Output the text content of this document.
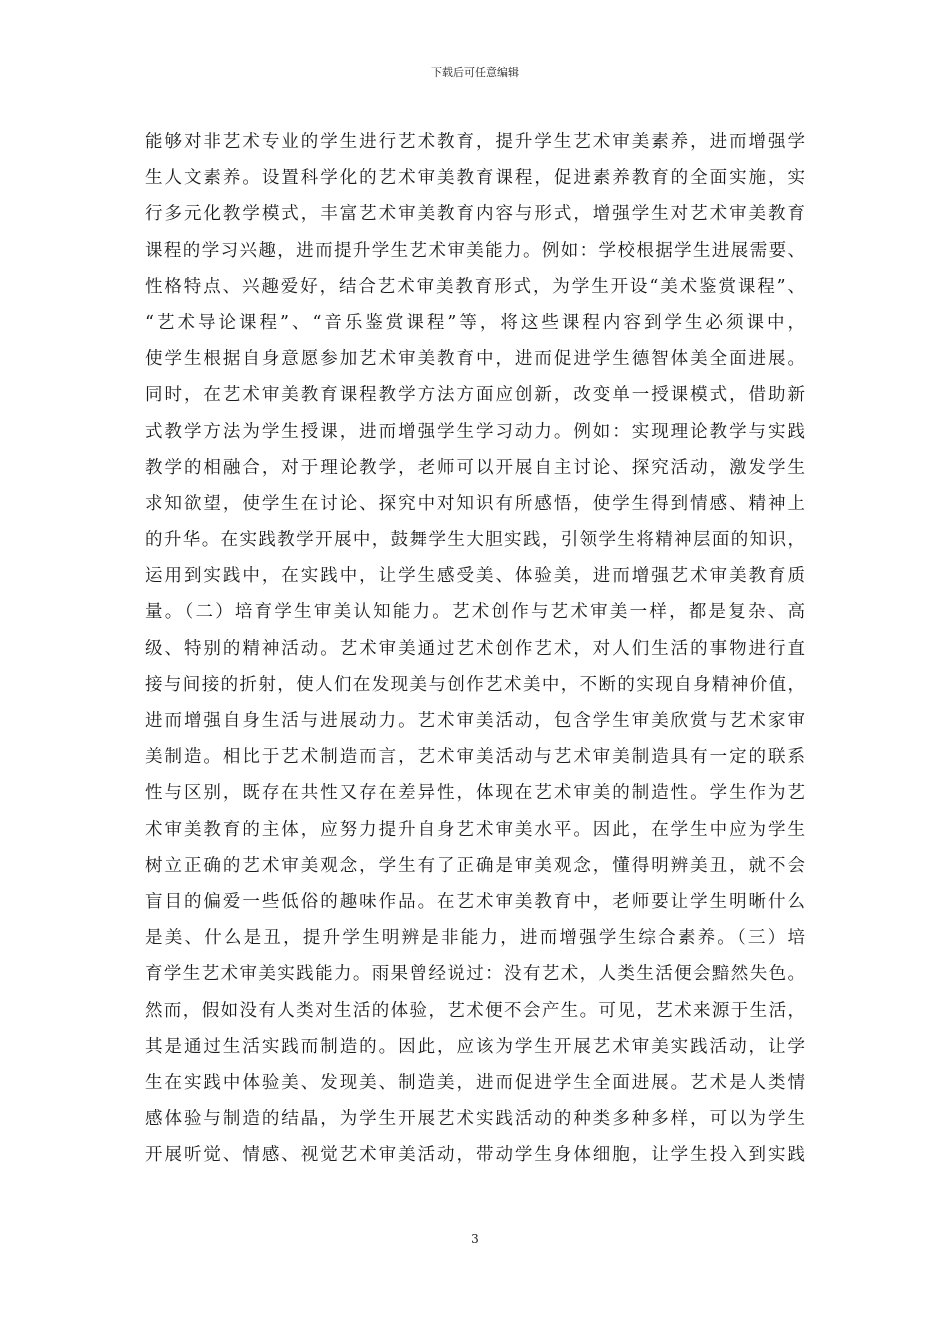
下载后可任意编辑
能够对非艺术专业的学生进行艺术教育，提升学生艺术审美素养，进而增强学
生人文素养。设置科学化的艺术审美教育课程，促进素养教育的全面实施，实
行多元化教学模式，丰富艺术审美教育内容与形式，增强学生对艺术审美教育
课程的学习兴趣，进而提升学生艺术审美能力。例如：学校根据学生进展需要、
性格特点、兴趣爱好，结合艺术审美教育形式，为学生开设“美术鉴赏课程”、
“艺术导论课程”、“音乐鉴赏课程”等，将这些课程内容到学生必须课中，
使学生根据自身意愿参加艺术审美教育中，进而促进学生德智体美全面进展。
同时，在艺术审美教育课程教学方法方面应创新，改变单一授课模式，借助新
式教学方法为学生授课，进而增强学生学习动力。例如：实现理论教学与实践
教学的相融合，对于理论教学，老师可以开展自主讨论、探究活动，激发学生
求知欲望，使学生在讨论、探究中对知识有所感悟，使学生得到情感、精神上
的升华。在实践教学开展中，鼓舞学生大胆实践，引领学生将精神层面的知识，
运用到实践中，在实践中，让学生感受美、体验美，进而增强艺术审美教育质
量。（二）培育学生审美认知能力。艺术创作与艺术审美一样，都是复杂、高
级、特别的精神活动。艺术审美通过艺术创作艺术，对人们生活的事物进行直
接与间接的折射，使人们在发现美与创作艺术美中，不断的实现自身精神价值，
进而增强自身生活与进展动力。艺术审美活动，包含学生审美欣赏与艺术家审
美制造。相比于艺术制造而言，艺术审美活动与艺术审美制造具有一定的联系
性与区别，既存在共性又存在差异性，体现在艺术审美的制造性。学生作为艺
术审美教育的主体，应努力提升自身艺术审美水平。因此，在学生中应为学生
树立正确的艺术审美观念，学生有了正确是审美观念，懂得明辨美丑，就不会
盲目的偏爱一些低俗的趣味作品。在艺术审美教育中，老师要让学生明晰什么
是美、什么是丑，提升学生明辨是非能力，进而增强学生综合素养。（三）培
育学生艺术审美实践能力。雨果曾经说过：没有艺术，人类生活便会黯然失色。
然而，假如没有人类对生活的体验，艺术便不会产生。可见，艺术来源于生活，
其是通过生活实践而制造的。因此，应该为学生开展艺术审美实践活动，让学
生在实践中体验美、发现美、制造美，进而促进学生全面进展。艺术是人类情
感体验与制造的结晶，为学生开展艺术实践活动的种类多种多样，可以为学生
开展听觉、情感、视觉艺术审美活动，带动学生身体细胞，让学生投入到实践
3
